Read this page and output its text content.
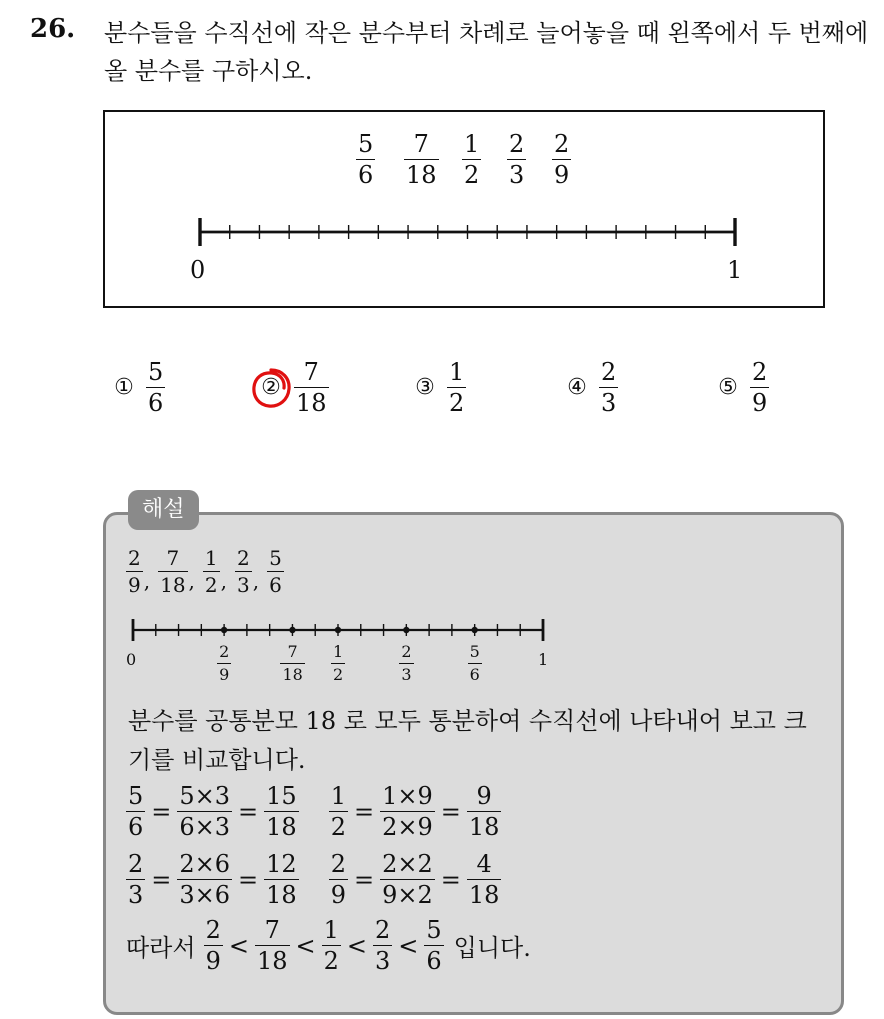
26. 분수들을 수직선에 작은 분수부터 차례로 늘어놓을 때 왼쪽에서 두 번째에 올 분수를 구하시오.
$\frac{5}{6} \frac{7}{18} \frac{1}{2} \frac{2}{3} \frac{2}{9}$
0	1
① $\frac{5}{6}$	② $\frac{7}{18}$	③ $\frac{1}{2}$	④ $\frac{2}{3}$	⑤ $\frac{2}{9}$
해설
$\frac{2}{9}$ , $\frac{7}{18}$ , $\frac{1}{2}$ , $\frac{2}{3}$ , $\frac{5}{6}$
0	1
$\frac{2}{9}$	$\frac{7}{18} \frac{1}{2}$	$\frac{2}{3}$	$\frac{5}{6}$
분수를 공통분모 18 로 모두 통분하여 수직선에 나타내어 보고 크기를 비교합니다.
$\frac{5}{6} = \frac{5\times 3}{6\times 3} = \frac{15}{18} \frac{1}{2} = \frac{1\times 9}{2\times 9} = \frac{9}{18}$
$\frac{2}{3} = \frac{2\times 6}{3\times 6} = \frac{12}{18} \frac{2}{9} = \frac{2\times 2}{9\times 2} = \frac{4}{18}$
따라서 $\frac{2}{9} < \frac{7}{18} < \frac{1}{2} < \frac{2}{3} < \frac{5}{6}$ 입니다.
